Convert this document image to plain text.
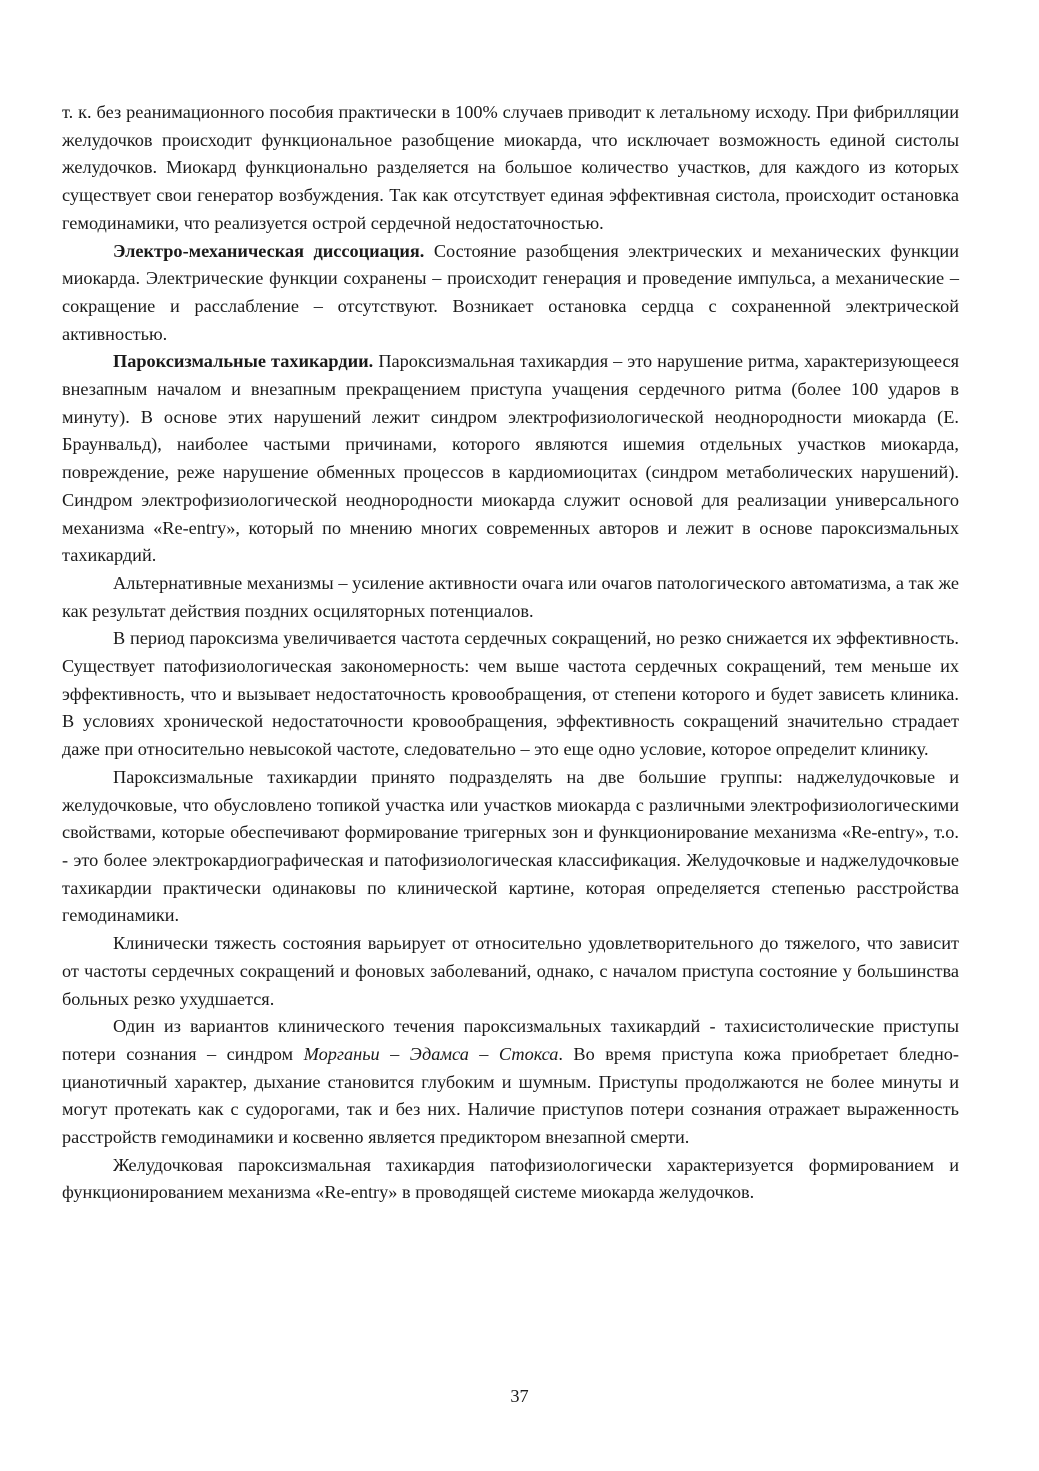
т. к. без реанимационного пособия практически в 100% случаев приводит к летальному исходу. При фибрилляции желудочков происходит функциональное разобщение миокарда, что исключает возможность единой систолы желудочков. Миокард функционально разделяется на большое количество участков, для каждого из которых существует свои генератор возбуждения. Так как отсутствует единая эффективная систола, происходит остановка гемодинамики, что реализуется острой сердечной недостаточностью.

Электро-механическая диссоциация. Состояние разобщения электрических и механических функции миокарда. Электрические функции сохранены – происходит генерация и проведение импульса, а механические – сокращение и расслабление – отсутствуют. Возникает остановка сердца с сохраненной электрической активностью.

Пароксизмальные тахикардии. Пароксизмальная тахикардия – это нарушение ритма, характеризующееся внезапным началом и внезапным прекращением приступа учащения сердечного ритма (более 100 ударов в минуту). В основе этих нарушений лежит синдром электрофизиологической неоднородности миокарда (Е. Браунвальд), наиболее частыми причинами, которого являются ишемия отдельных участков миокарда, повреждение, реже нарушение обменных процессов в кардиомиоцитах (синдром метаболических нарушений). Синдром электрофизиологической неоднородности миокарда служит основой для реализации универсального механизма «Re-entry», который по мнению многих современных авторов и лежит в основе пароксизмальных тахикардий.

Альтернативные механизмы – усиление активности очага или очагов патологического автоматизма, а так же как результат действия поздних осциляторных потенциалов.

В период пароксизма увеличивается частота сердечных сокращений, но резко снижается их эффективность. Существует патофизиологическая закономерность: чем выше частота сердечных сокращений, тем меньше их эффективность, что и вызывает недостаточность кровообращения, от степени которого и будет зависеть клиника. В условиях хронической недостаточности кровообращения, эффективность сокращений значительно страдает даже при относительно невысокой частоте, следовательно – это еще одно условие, которое определит клинику.

Пароксизмальные тахикардии принято подразделять на две большие группы: наджелудочковые и желудочковые, что обусловлено топикой участка или участков миокарда с различными электрофизиологическими свойствами, которые обеспечивают формирование тригерных зон и функционирование механизма «Re-entry», т.о. - это более электрокардиографическая и патофизиологическая классификация. Желудочковые и наджелудочковые тахикардии практически одинаковы по клинической картине, которая определяется степенью расстройства гемодинамики.

Клинически тяжесть состояния варьирует от относительно удовлетворительного до тяжелого, что зависит от частоты сердечных сокращений и фоновых заболеваний, однако, с началом приступа состояние у большинства больных резко ухудшается.

Один из вариантов клинического течения пароксизмальных тахикардий - тахисистолические приступы потери сознания – синдром Морганьи – Эдамса – Стокса. Во время приступа кожа приобретает бледно-цианотичный характер, дыхание становится глубоким и шумным. Приступы продолжаются не более минуты и могут протекать как с судорогами, так и без них. Наличие приступов потери сознания отражает выраженность расстройств гемодинамики и косвенно является предиктором внезапной смерти.

Желудочковая пароксизмальная тахикардия патофизиологически характеризуется формированием и функционированием механизма «Re-entry» в проводящей системе миокарда желудочков.

37
